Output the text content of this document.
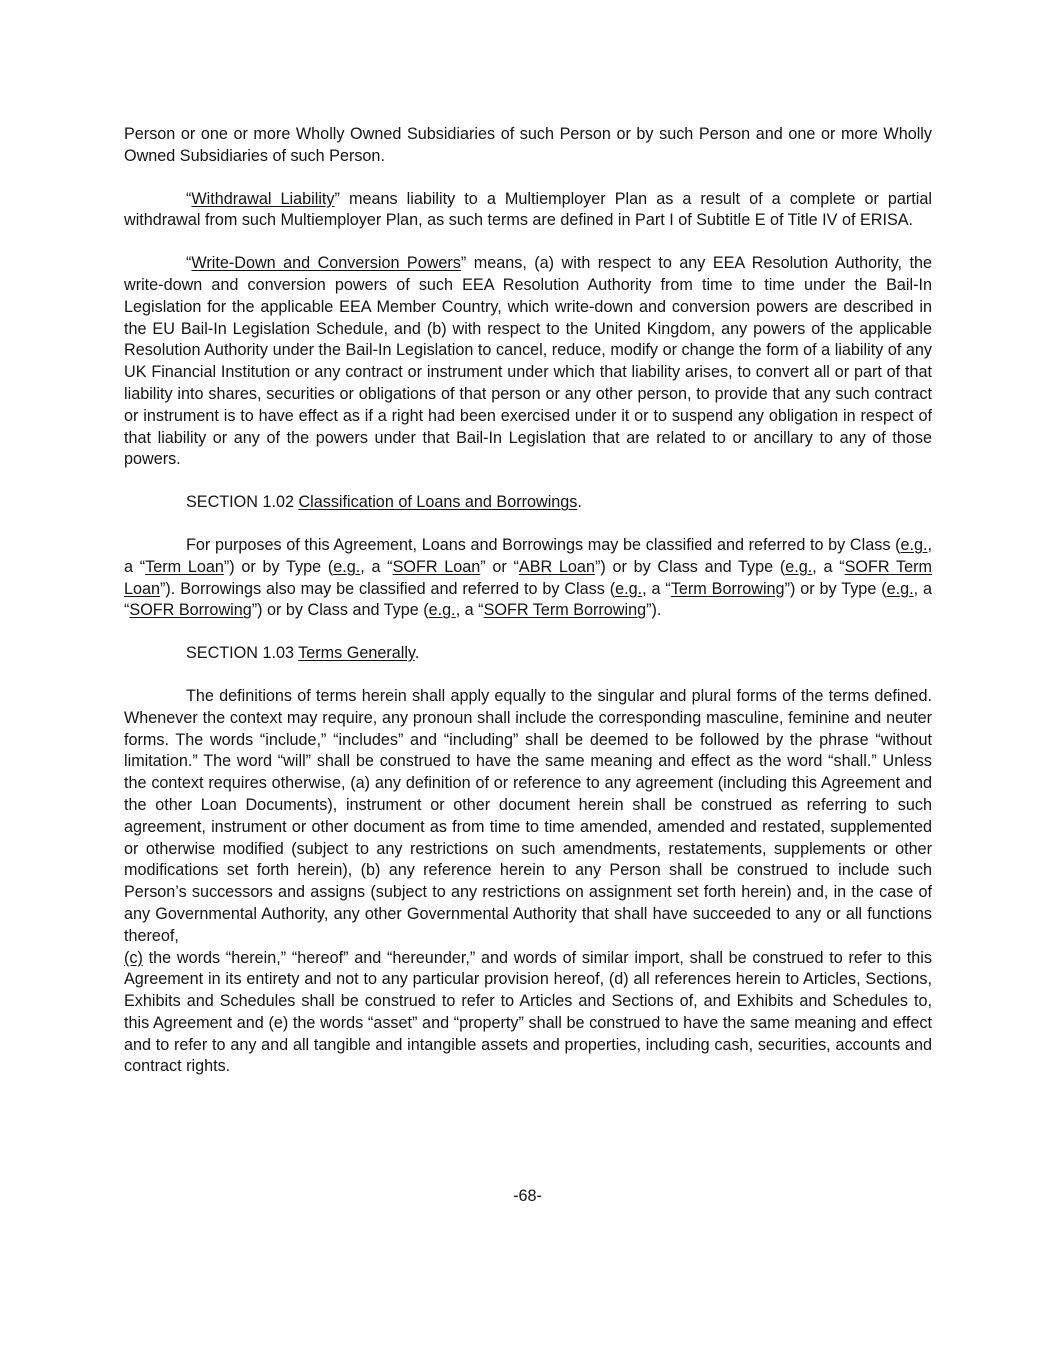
Person or one or more Wholly Owned Subsidiaries of such Person or by such Person and one or more Wholly Owned Subsidiaries of such Person.

“Withdrawal Liability” means liability to a Multiemployer Plan as a result of a complete or partial withdrawal from such Multiemployer Plan, as such terms are defined in Part I of Subtitle E of Title IV of ERISA.

“Write-Down and Conversion Powers” means, (a) with respect to any EEA Resolution Authority, the write-down and conversion powers of such EEA Resolution Authority from time to time under the Bail-In Legislation for the applicable EEA Member Country, which write-down and conversion powers are described in the EU Bail-In Legislation Schedule, and (b) with respect to the United Kingdom, any powers of the applicable Resolution Authority under the Bail-In Legislation to cancel, reduce, modify or change the form of a liability of any UK Financial Institution or any contract or instrument under which that liability arises, to convert all or part of that liability into shares, securities or obligations of that person or any other person, to provide that any such contract or instrument is to have effect as if a right had been exercised under it or to suspend any obligation in respect of that liability or any of the powers under that Bail-In Legislation that are related to or ancillary to any of those powers.

SECTION 1.02 Classification of Loans and Borrowings.

For purposes of this Agreement, Loans and Borrowings may be classified and referred to by Class (e.g., a “Term Loan”) or by Type (e.g., a “SOFR Loan” or “ABR Loan”) or by Class and Type (e.g., a “SOFR Term Loan”). Borrowings also may be classified and referred to by Class (e.g., a “Term Borrowing”) or by Type (e.g., a “SOFR Borrowing”) or by Class and Type (e.g., a “SOFR Term Borrowing”).

SECTION 1.03 Terms Generally.

The definitions of terms herein shall apply equally to the singular and plural forms of the terms defined. Whenever the context may require, any pronoun shall include the corresponding masculine, feminine and neuter forms. The words “include,” “includes” and “including” shall be deemed to be followed by the phrase “without limitation.” The word “will” shall be construed to have the same meaning and effect as the word “shall.” Unless the context requires otherwise, (a) any definition of or reference to any agreement (including this Agreement and the other Loan Documents), instrument or other document herein shall be construed as referring to such agreement, instrument or other document as from time to time amended, amended and restated, supplemented or otherwise modified (subject to any restrictions on such amendments, restatements, supplements or other modifications set forth herein), (b) any reference herein to any Person shall be construed to include such Person’s successors and assigns (subject to any restrictions on assignment set forth herein) and, in the case of any Governmental Authority, any other Governmental Authority that shall have succeeded to any or all functions thereof,
(c) the words “herein,” “hereof” and “hereunder,” and words of similar import, shall be construed to refer to this Agreement in its entirety and not to any particular provision hereof, (d) all references herein to Articles, Sections, Exhibits and Schedules shall be construed to refer to Articles and Sections of, and Exhibits and Schedules to, this Agreement and (e) the words “asset” and “property” shall be construed to have the same meaning and effect and to refer to any and all tangible and intangible assets and properties, including cash, securities, accounts and contract rights.

-68-
